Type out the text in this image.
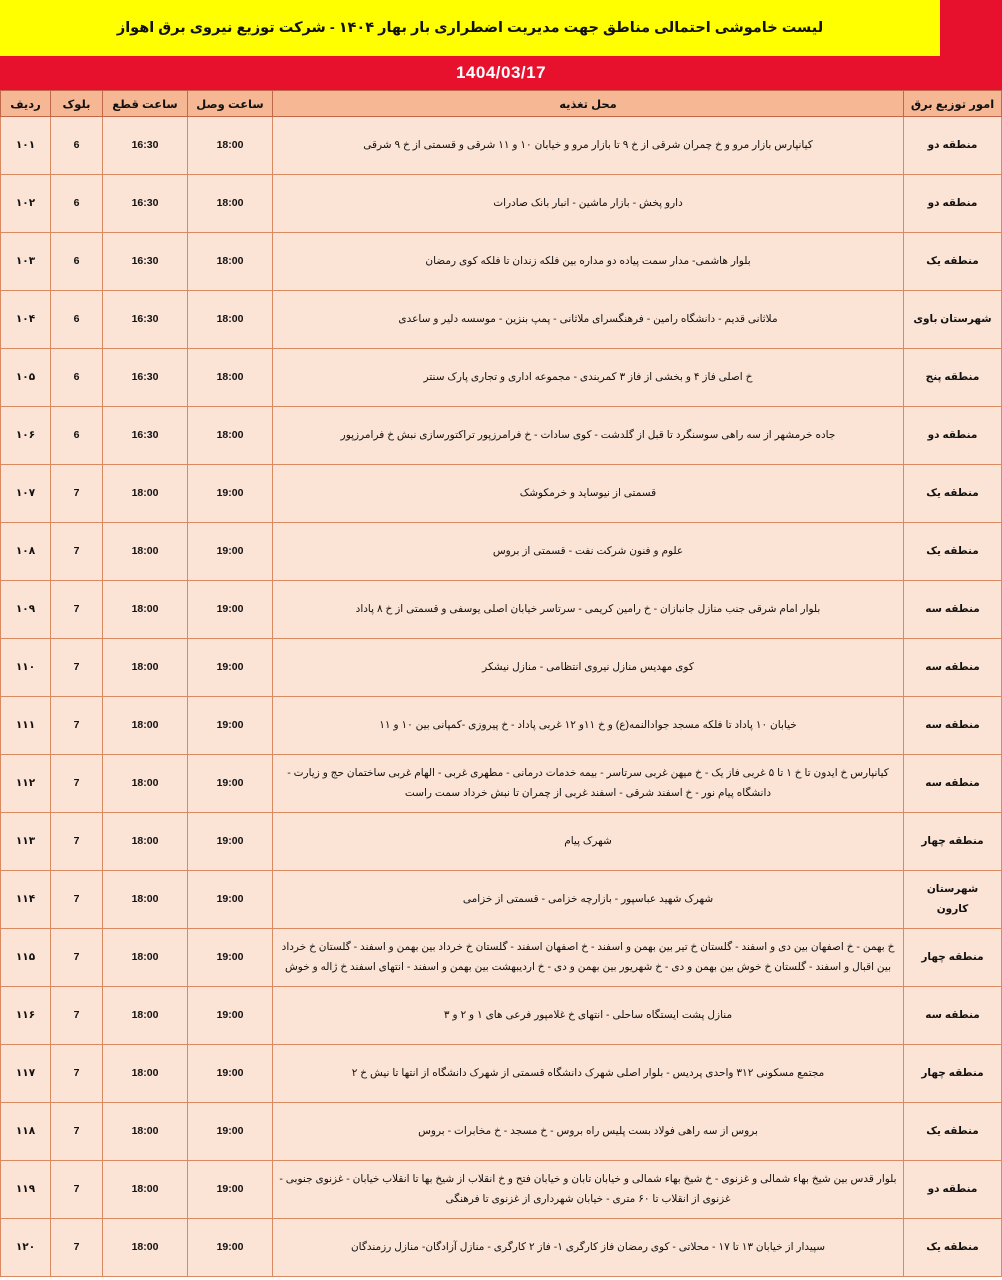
لیست خاموشی احتمالی مناطق جهت مدیریت اضطراری بار بهار ۱۴۰۴ - شرکت توزیع نیروی برق اهواز
1404/03/17
امور توزیع برق	محل تغذیه	ساعت وصل	ساعت قطع	بلوک	ردیف
منطقه دو	کیانپارس بازار مرو و خ چمران شرقی از خ ۹ تا بازار مرو و خیابان ۱۰ و ۱۱ شرقی و قسمتی از خ ۹ شرقی	18:00	16:30	6	۱۰۱
منطقه دو	دارو پخش - بازار ماشین - انبار بانک صادرات	18:00	16:30	6	۱۰۲
منطقه یک	بلوار هاشمی- مدار سمت پیاده دو مداره بین فلکه زندان تا فلکه کوی رمضان	18:00	16:30	6	۱۰۳
شهرستان باوی	ملاثانی قدیم - دانشگاه رامین - فرهنگسرای ملاثانی - پمپ بنزین - موسسه دلیر و ساعدی	18:00	16:30	6	۱۰۴
منطقه پنج	خ اصلی فاز ۴ و بخشی از فاز ۳ کمربندی - مجموعه اداری و تجاری پارک سنتر	18:00	16:30	6	۱۰۵
منطقه دو	جاده خرمشهر از سه راهی سوسنگرد تا قبل از گلدشت - کوی سادات - خ فرامرزپور تراکتورسازی نبش خ فرامرزپور	18:00	16:30	6	۱۰۶
منطقه یک	قسمتی از نیوساید و خرمکوشک	19:00	18:00	7	۱۰۷
منطقه یک	علوم و فنون شرکت نفت - قسمتی از بروس	19:00	18:00	7	۱۰۸
منطقه سه	بلوار امام شرقی جنب منازل جانبازان - خ رامین کریمی - سرتاسر خیابان اصلی یوسفی و قسمتی از خ ۸ پاداد	19:00	18:00	7	۱۰۹
منطقه سه	کوی مهدیس منازل نیروی انتظامی - منازل نیشکر	19:00	18:00	7	۱۱۰
منطقه سه	خیابان ۱۰ پاداد تا فلکه مسجد جوادالنمه(ع) و خ ۱۱و ۱۲ غربی پاداد - خ پیروزی -کمپانی بین ۱۰ و ۱۱	19:00	18:00	7	۱۱۱
منطقه سه	کیانپارس خ ایدون تا خ ۱ تا ۵ غربی فاز یک - خ میهن غربی سرتاسر - بیمه خدمات درمانی - مطهری غربی - الهام غربی ساختمان حج و زیارت - دانشگاه پیام نور - خ اسفند شرقی - اسفند غربی از چمران تا نبش خرداد سمت راست	19:00	18:00	7	۱۱۲
منطقه چهار	شهرک پیام	19:00	18:00	7	۱۱۳
شهرستان کارون	شهرک شهید عباسپور - بازارچه خزامی - قسمتی از خزامی	19:00	18:00	7	۱۱۴
منطقه چهار	خ بهمن - خ اصفهان بین دی و اسفند - گلستان خ تیر بین بهمن و اسفند - خ اصفهان اسفند - گلستان خ خرداد بین بهمن و اسفند - گلستان خ خرداد بین اقبال و اسفند - گلستان خ خوش بین بهمن و دی - خ شهریور بین بهمن و دی - خ اردیبهشت بین بهمن و اسفند - انتهای اسفند خ ژاله و خوش	19:00	18:00	7	۱۱۵
منطقه سه	منازل پشت ایستگاه ساحلی - انتهای خ غلامپور فرعی های ۱ و ۲ و ۳	19:00	18:00	7	۱۱۶
منطقه چهار	مجتمع مسکونی ۳۱۲ واحدی پردیس - بلوار اصلی شهرک دانشگاه قسمتی از شهرک دانشگاه از انتها تا نیش خ ۲	19:00	18:00	7	۱۱۷
منطقه یک	بروس از سه راهی فولاد بست پلیس راه بروس - خ مسجد - خ مخابرات - بروس	19:00	18:00	7	۱۱۸
منطقه دو	بلوار قدس بین شیخ بهاء شمالی و غزنوی - خ شیخ بهاء شمالی و خیابان تابان و خیابان فتح و خ انقلاب از شیخ بها تا انقلاب خیابان - غزنوی جنوبی - غزنوی از انقلاب تا ۶۰ متری - خیابان شهرداری از غزنوی تا فرهنگی	19:00	18:00	7	۱۱۹
منطقه یک	سپیدار از خیابان ۱۳ تا ۱۷ - محلاتی - کوی رمضان فاز کارگری ۱- فاز ۲ کارگری - منازل آزادگان- منازل رزمندگان	19:00	18:00	7	۱۲۰
